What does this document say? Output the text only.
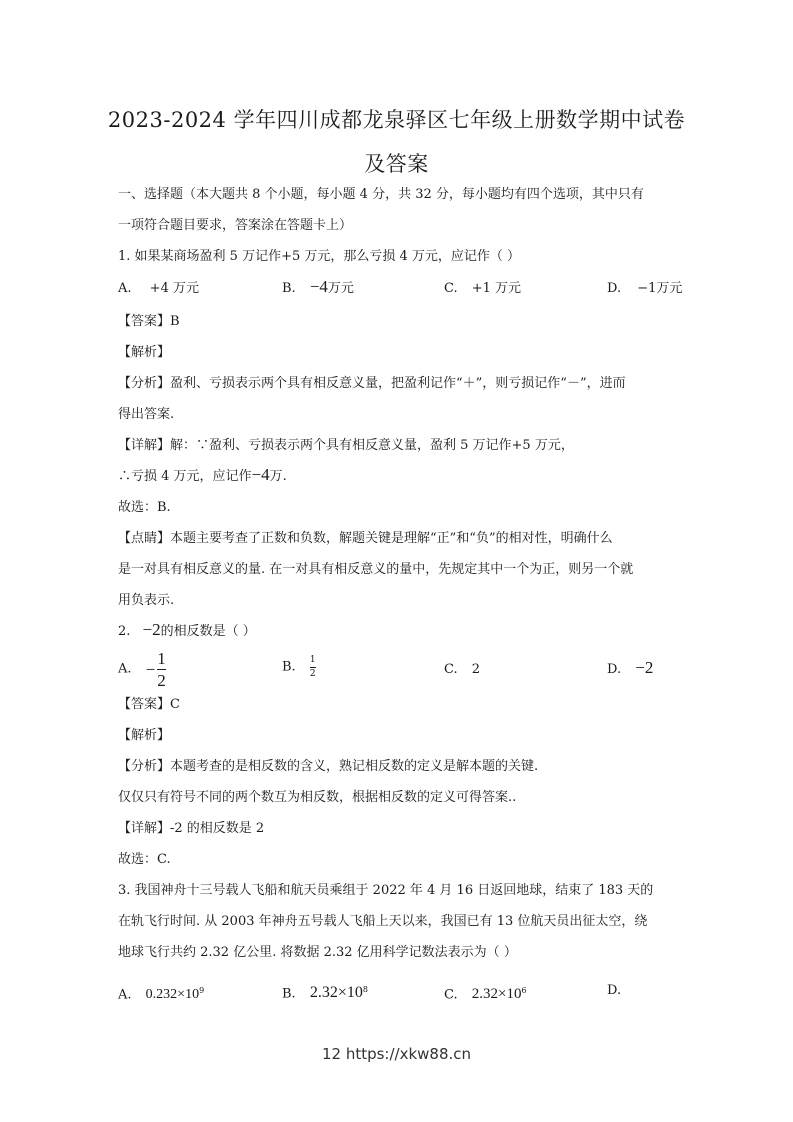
2023-2024 学年四川成都龙泉驿区七年级上册数学期中试卷
及答案
一、选择题（本大题共 8 个小题，每小题 4 分，共 32 分，每小题均有四个选项，其中只有
一项符合题目要求，答案涂在答题卡上）
1. 如果某商场盈利 5 万记作+5 万元，那么亏损 4 万元，应记作（ ）
A. +4 万元	B. −4万元	C. +1 万元	D. −1万元
【答案】B
【解析】
【分析】盈利、亏损表示两个具有相反意义量，把盈利记作“＋”，则亏损记作“－”，进而
得出答案.
【详解】解：∵盈利、亏损表示两个具有相反意义量，盈利 5 万记作+5 万元，
∴亏损 4 万元，应记作−4万.
故选：B.
【点睛】本题主要考查了正数和负数，解题关键是理解“正”和“负”的相对性，明确什么
是一对具有相反意义的量. 在一对具有相反意义的量中，先规定其中一个为正，则另一个就
用负表示.
2. −2的相反数是（ ）
A. − $\frac{1}{2}$	B. $\frac{1}{2}$	C. 2	D. −2
【答案】C
【解析】
【分析】本题考查的是相反数的含义，熟记相反数的定义是解本题的关键.
仅仅只有符号不同的两个数互为相反数，根据相反数的定义可得答案..
【详解】-2 的相反数是 2
故选：C.
3. 我国神舟十三号载人飞船和航天员乘组于 2022 年 4 月 16 日返回地球，结束了 183 天的
在轨飞行时间. 从 2003 年神舟五号载人飞船上天以来，我国已有 13 位航天员出征太空，绕
地球飞行共约 2.32 亿公里. 将数据 2.32 亿用科学记数法表示为（ ）
A. $0.232\times 10^9$	B. $2.32\times 10^8$	C. $2.32\times 10^6$	D.
12 https://xkw88.cn
